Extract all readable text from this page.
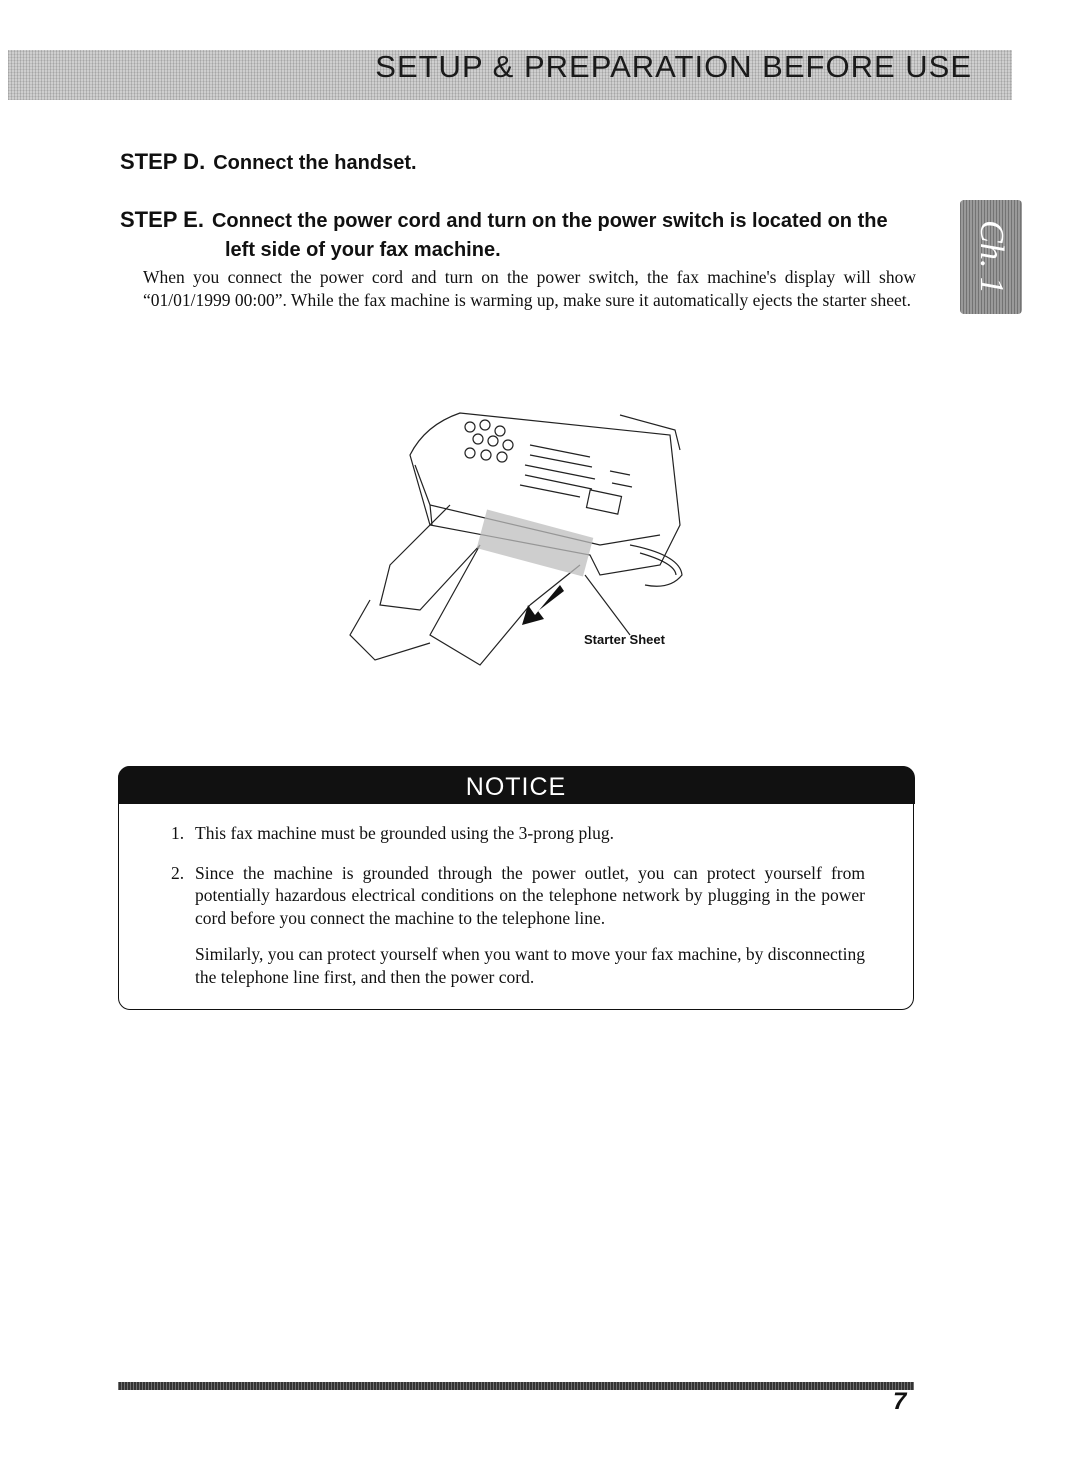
SETUP & PREPARATION BEFORE USE
Ch. 1
STEP D. Connect the handset.
STEP E. Connect the power cord and turn on the power switch is located on the
left side of your fax machine.
When you connect the power cord and turn on the power switch, the fax machine's display will show “01/01/1999 00:00”. While the fax machine is warming up, make sure it automatically ejects the starter sheet.
Starter Sheet
NOTICE
1. This fax machine must be grounded using the 3-prong plug.
2. Since the machine is grounded through the power outlet, you can protect yourself from potentially hazardous electrical conditions on the telephone network by plugging in the power cord before you connect the machine to the telephone line.
Similarly, you can protect yourself when you want to move your fax machine, by disconnecting the telephone line first, and then the power cord.
7
